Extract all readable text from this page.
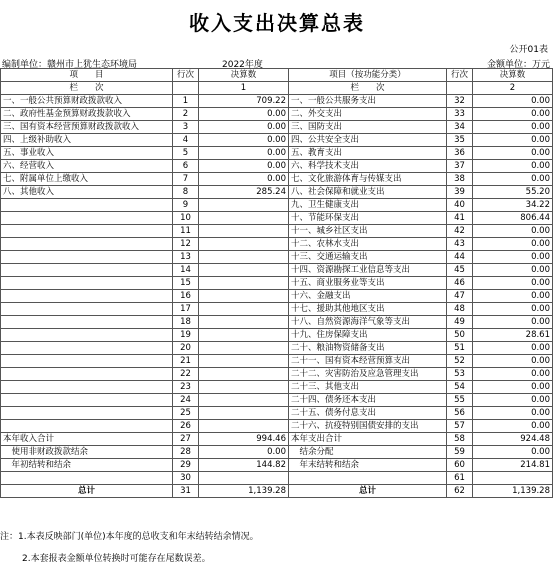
收入支出决算总表
公开01表
编制单位：赣州市上犹生态环境局	2022年度	金额单位：万元
项　　目	行次	决算数	项目（按功能分类）	行次	决算数
栏　　次		1	栏　　次		2
一、一般公共预算财政拨款收入	1	709.22	一、一般公共服务支出	32	0.00
二、政府性基金预算财政拨款收入	2	0.00	二、外交支出	33	0.00
三、国有资本经营预算财政拨款收入	3	0.00	三、国防支出	34	0.00
四、上级补助收入	4	0.00	四、公共安全支出	35	0.00
五、事业收入	5	0.00	五、教育支出	36	0.00
六、经营收入	6	0.00	六、科学技术支出	37	0.00
七、附属单位上缴收入	7	0.00	七、文化旅游体育与传媒支出	38	0.00
八、其他收入	8	285.24	八、社会保障和就业支出	39	55.20
	9		九、卫生健康支出	40	34.22
	10		十、节能环保支出	41	806.44
	11		十一、城乡社区支出	42	0.00
	12		十二、农林水支出	43	0.00
	13		十三、交通运输支出	44	0.00
	14		十四、资源勘探工业信息等支出	45	0.00
	15		十五、商业服务业等支出	46	0.00
	16		十六、金融支出	47	0.00
	17		十七、援助其他地区支出	48	0.00
	18		十八、自然资源海洋气象等支出	49	0.00
	19		十九、住房保障支出	50	28.61
	20		二十、粮油物资储备支出	51	0.00
	21		二十一、国有资本经营预算支出	52	0.00
	22		二十二、灾害防治及应急管理支出	53	0.00
	23		二十三、其他支出	54	0.00
	24		二十四、债务还本支出	55	0.00
	25		二十五、债务付息支出	56	0.00
	26		二十六、抗疫特别国债安排的支出	57	0.00
本年收入合计	27	994.46	本年支出合计	58	924.48
　使用非财政拨款结余	28	0.00	　结余分配	59	0.00
　年初结转和结余	29	144.82	　年末结转和结余	60	214.81
	30			61	
总计	31	1,139.28	总计	62	1,139.28
注：1.本表反映部门(单位)本年度的总收支和年末结转结余情况。
2.本套报表金额单位转换时可能存在尾数误差。
